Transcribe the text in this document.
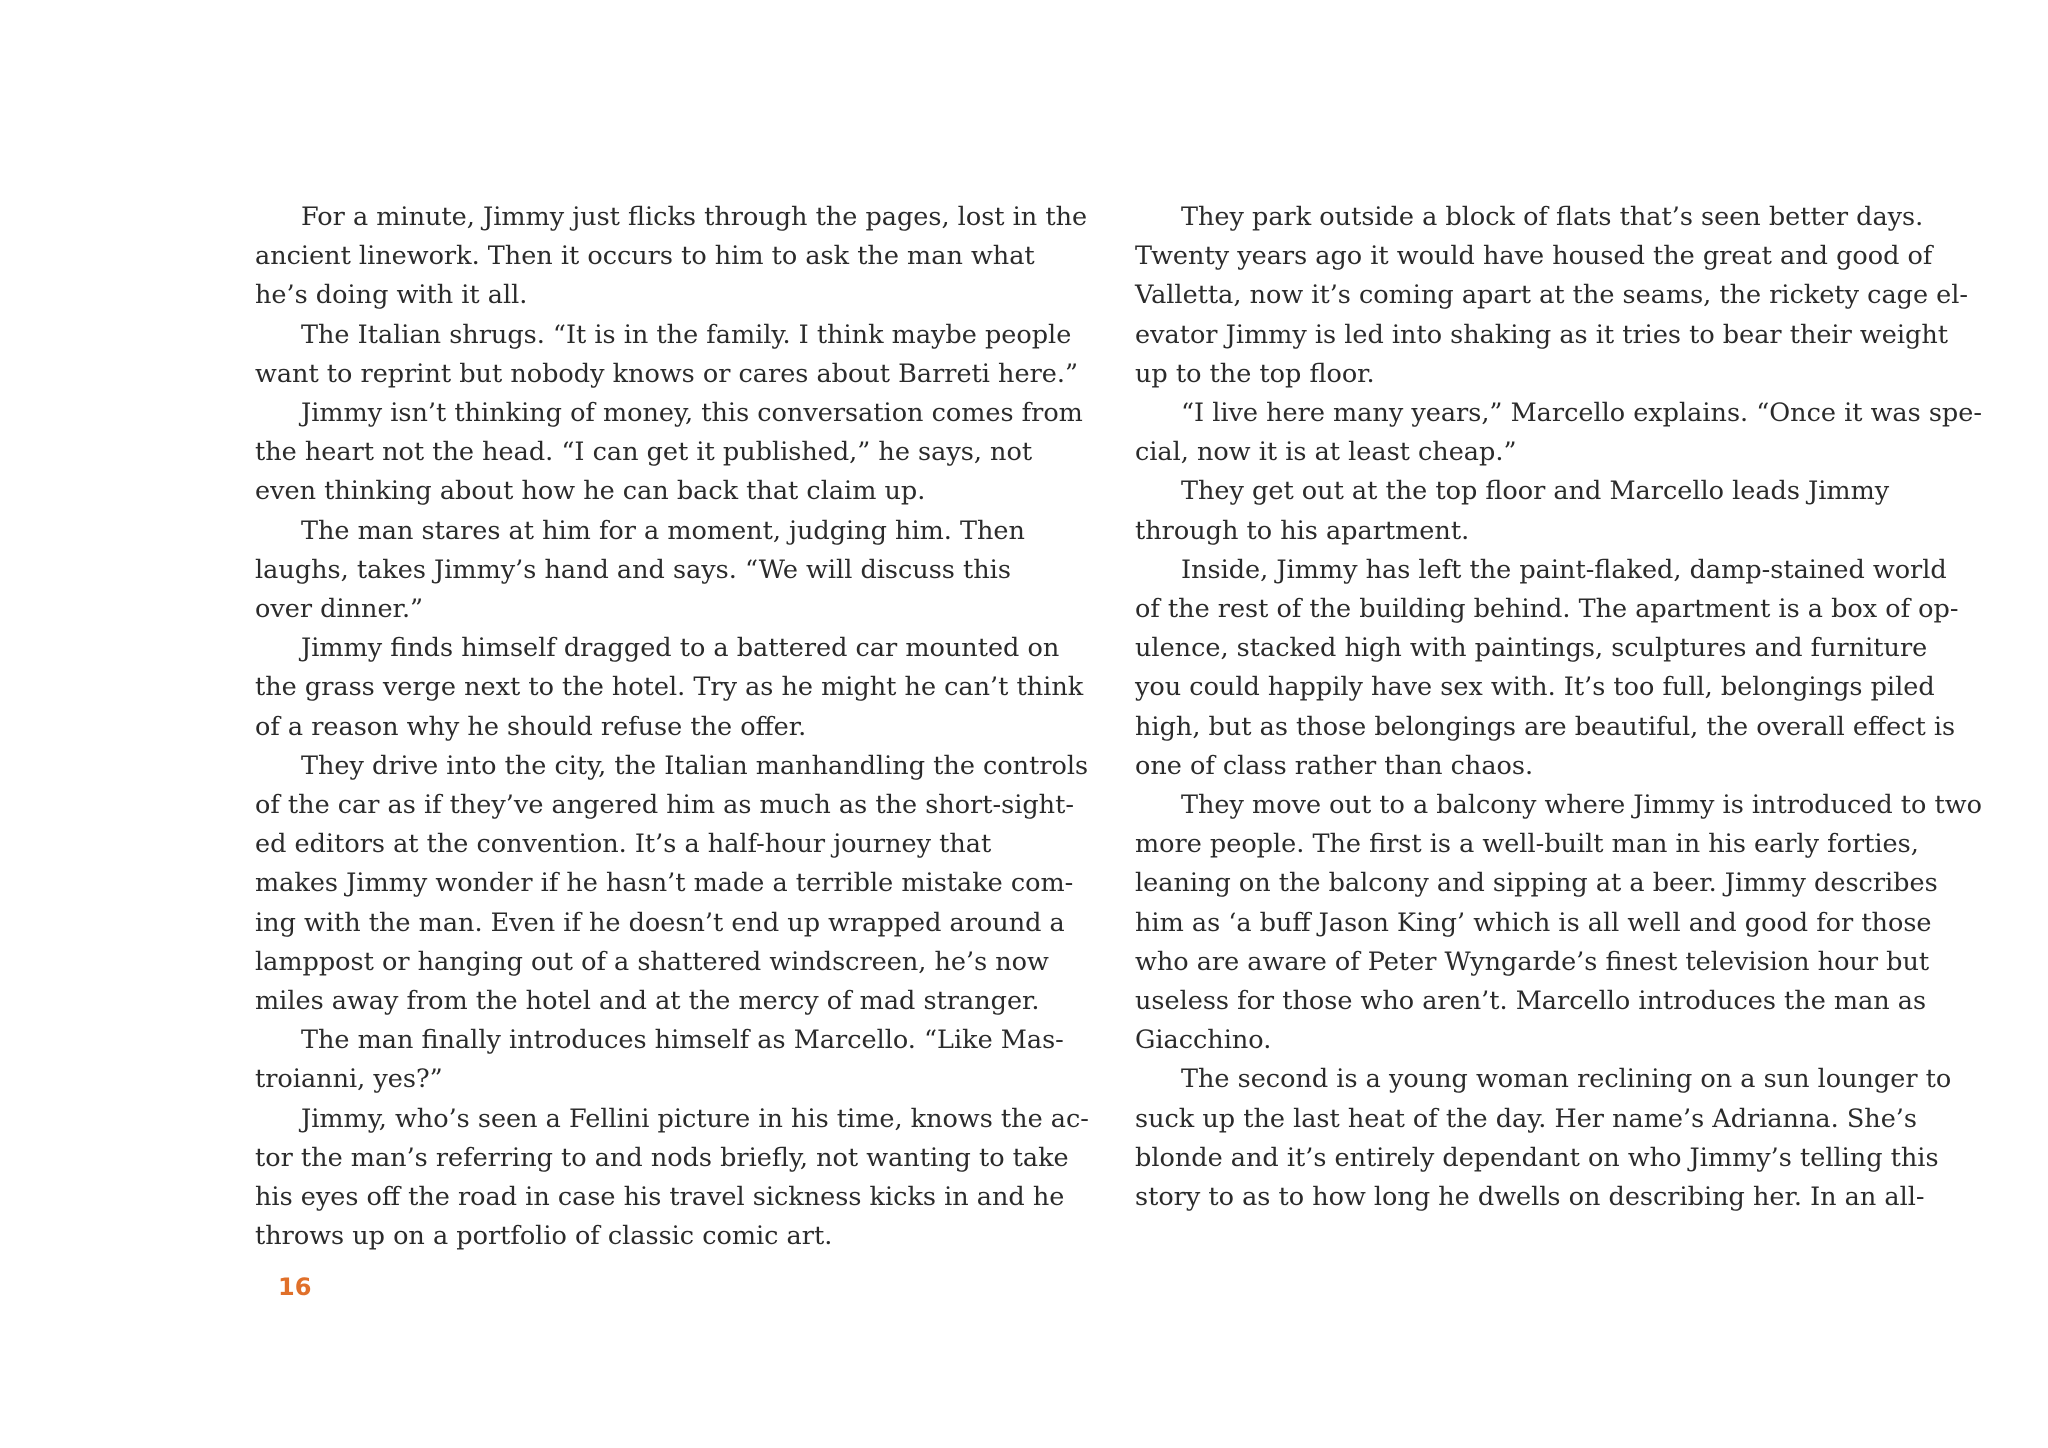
For a minute, Jimmy just flicks through the pages, lost in the
ancient linework. Then it occurs to him to ask the man what
he’s doing with it all.

The Italian shrugs. “It is in the family. I think maybe people
want to reprint but nobody knows or cares about Barreti here.”

Jimmy isn’t thinking of money, this conversation comes from
the heart not the head. “I can get it published,” he says, not
even thinking about how he can back that claim up.

The man stares at him for a moment, judging him. Then
laughs, takes Jimmy’s hand and says. “We will discuss this
over dinner.”

Jimmy finds himself dragged to a battered car mounted on
the grass verge next to the hotel. Try as he might he can’t think
of a reason why he should refuse the offer.

They drive into the city, the Italian manhandling the controls
of the car as if they’ve angered him as much as the short-sight-
ed editors at the convention. It’s a half-hour journey that
makes Jimmy wonder if he hasn’t made a terrible mistake com-
ing with the man. Even if he doesn’t end up wrapped around a
lamppost or hanging out of a shattered windscreen, he’s now
miles away from the hotel and at the mercy of mad stranger.

The man finally introduces himself as Marcello. “Like Mas-
troianni, yes?”

Jimmy, who’s seen a Fellini picture in his time, knows the ac-
tor the man’s referring to and nods briefly, not wanting to take
his eyes off the road in case his travel sickness kicks in and he
throws up on a portfolio of classic comic art.

They park outside a block of flats that’s seen better days.
Twenty years ago it would have housed the great and good of
Valletta, now it’s coming apart at the seams, the rickety cage el-
evator Jimmy is led into shaking as it tries to bear their weight
up to the top floor.

“I live here many years,” Marcello explains. “Once it was spe-
cial, now it is at least cheap.”

They get out at the top floor and Marcello leads Jimmy
through to his apartment.

Inside, Jimmy has left the paint-flaked, damp-stained world
of the rest of the building behind. The apartment is a box of op-
ulence, stacked high with paintings, sculptures and furniture
you could happily have sex with. It’s too full, belongings piled
high, but as those belongings are beautiful, the overall effect is
one of class rather than chaos.

They move out to a balcony where Jimmy is introduced to two
more people. The first is a well-built man in his early forties,
leaning on the balcony and sipping at a beer. Jimmy describes
him as ‘a buff Jason King’ which is all well and good for those
who are aware of Peter Wyngarde’s finest television hour but
useless for those who aren’t. Marcello introduces the man as
Giacchino.

The second is a young woman reclining on a sun lounger to
suck up the last heat of the day. Her name’s Adrianna. She’s
blonde and it’s entirely dependant on who Jimmy’s telling this
story to as to how long he dwells on describing her. In an all-

16
